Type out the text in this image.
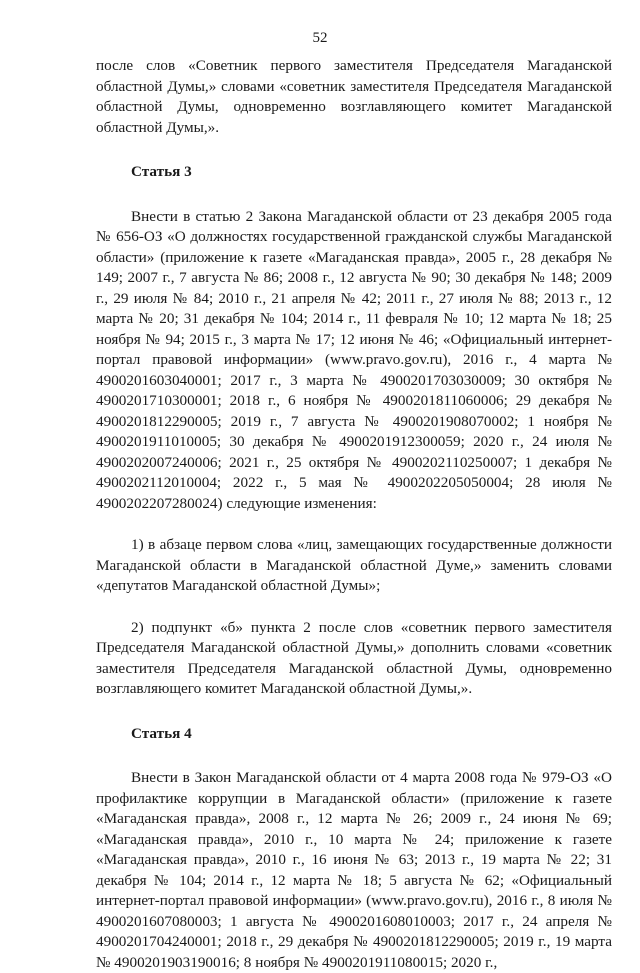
52

после слов «Советник первого заместителя Председателя Магаданской областной Думы,» словами «советник заместителя Председателя Магаданской областной Думы, одновременно возглавляющего комитет Магаданской областной Думы,».

Статья 3

Внести в статью 2 Закона Магаданской области от 23 декабря 2005 года № 656-ОЗ «О должностях государственной гражданской службы Магаданской области» (приложение к газете «Магаданская правда», 2005 г., 28 декабря № 149; 2007 г., 7 августа № 86; 2008 г., 12 августа № 90; 30 декабря № 148; 2009 г., 29 июля № 84; 2010 г., 21 апреля № 42; 2011 г., 27 июля № 88; 2013 г., 12 марта № 20; 31 декабря № 104; 2014 г., 11 февраля № 10; 12 марта № 18; 25 ноября № 94; 2015 г., 3 марта № 17; 12 июня № 46; «Официальный интернет-портал правовой информации» (www.pravo.gov.ru), 2016 г., 4 марта № 4900201603040001; 2017 г., 3 марта № 4900201703030009; 30 октября № 4900201710300001; 2018 г., 6 ноября № 4900201811060006; 29 декабря № 4900201812290005; 2019 г., 7 августа № 4900201908070002; 1 ноября № 4900201911010005; 30 декабря № 4900201912300059; 2020 г., 24 июля № 4900202007240006; 2021 г., 25 октября № 4900202110250007; 1 декабря № 4900202112010004; 2022 г., 5 мая № 4900202205050004; 28 июля № 4900202207280024) следующие изменения:

1) в абзаце первом слова «лиц, замещающих государственные должности Магаданской области в Магаданской областной Думе,» заменить словами «депутатов Магаданской областной Думы»;

2) подпункт «б» пункта 2 после слов «советник первого заместителя Председателя Магаданской областной Думы,» дополнить словами «советник заместителя Председателя Магаданской областной Думы, одновременно возглавляющего комитет Магаданской областной Думы,».

Статья 4

Внести в Закон Магаданской области от 4 марта 2008 года № 979-ОЗ «О профилактике коррупции в Магаданской области» (приложение к газете «Магаданская правда», 2008 г., 12 марта № 26; 2009 г., 24 июня № 69; «Магаданская правда», 2010 г., 10 марта № 24; приложение к газете «Магаданская правда», 2010 г., 16 июня № 63; 2013 г., 19 марта № 22; 31 декабря № 104; 2014 г., 12 марта № 18; 5 августа № 62; «Официальный интернет-портал правовой информации» (www.pravo.gov.ru), 2016 г., 8 июля № 4900201607080003; 1 августа № 4900201608010003; 2017 г., 24 апреля № 4900201704240001; 2018 г., 29 декабря № 4900201812290005; 2019 г., 19 марта № 4900201903190016; 8 ноября № 4900201911080015; 2020 г.,
